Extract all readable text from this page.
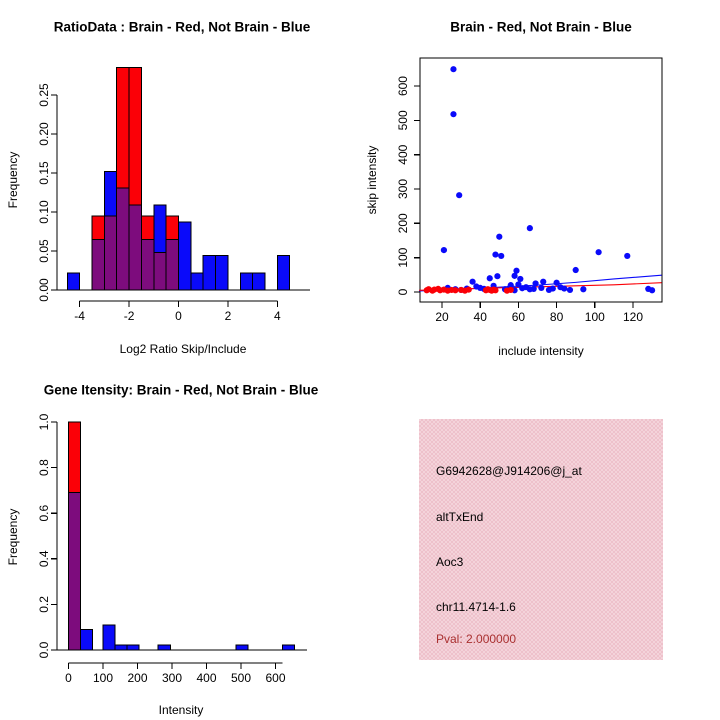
RatioData : Brain - Red, Not Brain - Blue
Frequency
Log2 Ratio Skip/Include
0.00
0.05
0.10
0.15
0.20
0.25
-4	-2	0	2	4
Brain - Red, Not Brain - Blue
skip intensity
include intensity
20 40 60 80 100 120
0
100
200
300
400
500
600
Gene Itensity: Brain - Red, Not Brain - Blue
Frequency
Intensity
0.0
0.2
0.4
0.6
0.8
1.0
0 100 200 300 400 500 600
G6942628@J914206@j_at
altTxEnd
Aoc3
chr11.4714-1.6
Pval: 2.000000
